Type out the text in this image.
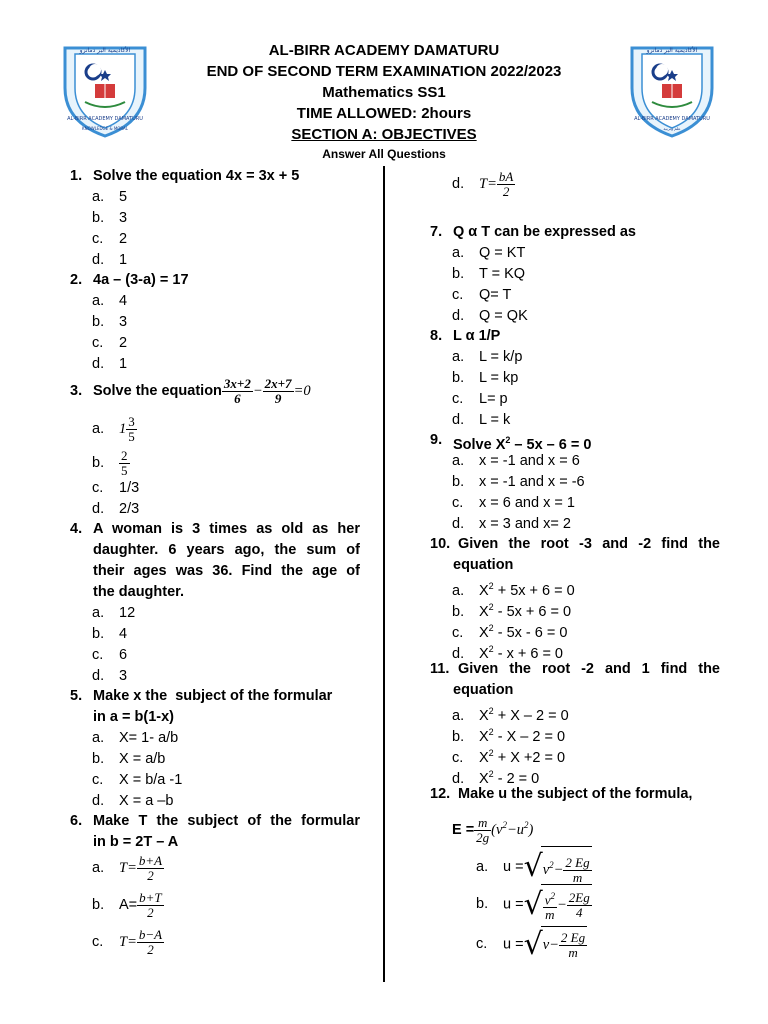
الأكاديمية البر دماترو
AL-BIRR ACADEMY DAMATURU
KNOWLEDGE & MORAL
الأكاديمية البر دماترو
AL-BIRR ACADEMY DAMATURU
علم وتربية
AL-BIRR ACADEMY DAMATURU
END OF SECOND TERM EXAMINATION 2022/2023
Mathematics SS1
TIME ALLOWED: 2hours
SECTION A: OBJECTIVES
Answer All Questions
1. Solve the equation 4x = 3x + 5
a. 5
b. 3
c. 2
d. 1
2. 4a – (3-a) = 17
a. 4
b. 3
c. 2
d. 1
3. Solve the equation $\frac{3x+2}{6} - \frac{2x+7}{9} =0$
a. $1 \frac{3}{5}$
b. $\frac{2}{5}$
c. 1/3
d. 2/3
4. A woman is 3 times as old as her
daughter. 6 years ago, the sum of
their ages was 36. Find the age of
the daughter.
a. 12
b. 4
c. 6
d. 3
5. Make x the  subject of the formular
in a = b(1-x)
a. X= 1- a/b
b. X = a/b
c. X = b/a -1
d. X = a –b
6. Make T the subject of the formular
in b = 2T – A
a. $T= \frac{b+A}{2}$
b. $A= \frac{b+T}{2}$
c. $T= \frac{b-A}{2}$
d. $T= \frac{bA}{2}$
7. Q α T can be expressed as
a. Q = KT
b. T = KQ
c. Q= T
d. Q = QK
8. L α 1/P
a. L = k/p
b. L = kp
c. L= p
d. L = k
9. Solve $X^2 - 5x - 6 = 0$
a. x = -1 and x = 6
b. x = -1 and x = -6
c. x = 6 and x = 1
d. x = 3 and x= 2
10. Given the root -3 and -2 find the
equation
a. $X^2 + 5x + 6 = 0$
b. $X^2 - 5x + 6 = 0$
c. $X^2 - 5x - 6 = 0$
d. $X^2 - x + 6 = 0$
11. Given the root -2 and 1 find the
equation
a. $X^2 + X - 2 = 0$
b. $X^2 - X - 2 = 0$
c. $X^2 + X +2 = 0$
d. $X^2 - 2 = 0$
12. Make u the subject of the formula,
$E = \frac{m}{2g} (v^2-u^2)$
a. $u =√v^2- \frac{2 Eg}{m}$
b. u =√ $\frac{v^2}{m} - \frac{2Eg}{4}$
c. $u =√v- \frac{2 Eg}{m}$
